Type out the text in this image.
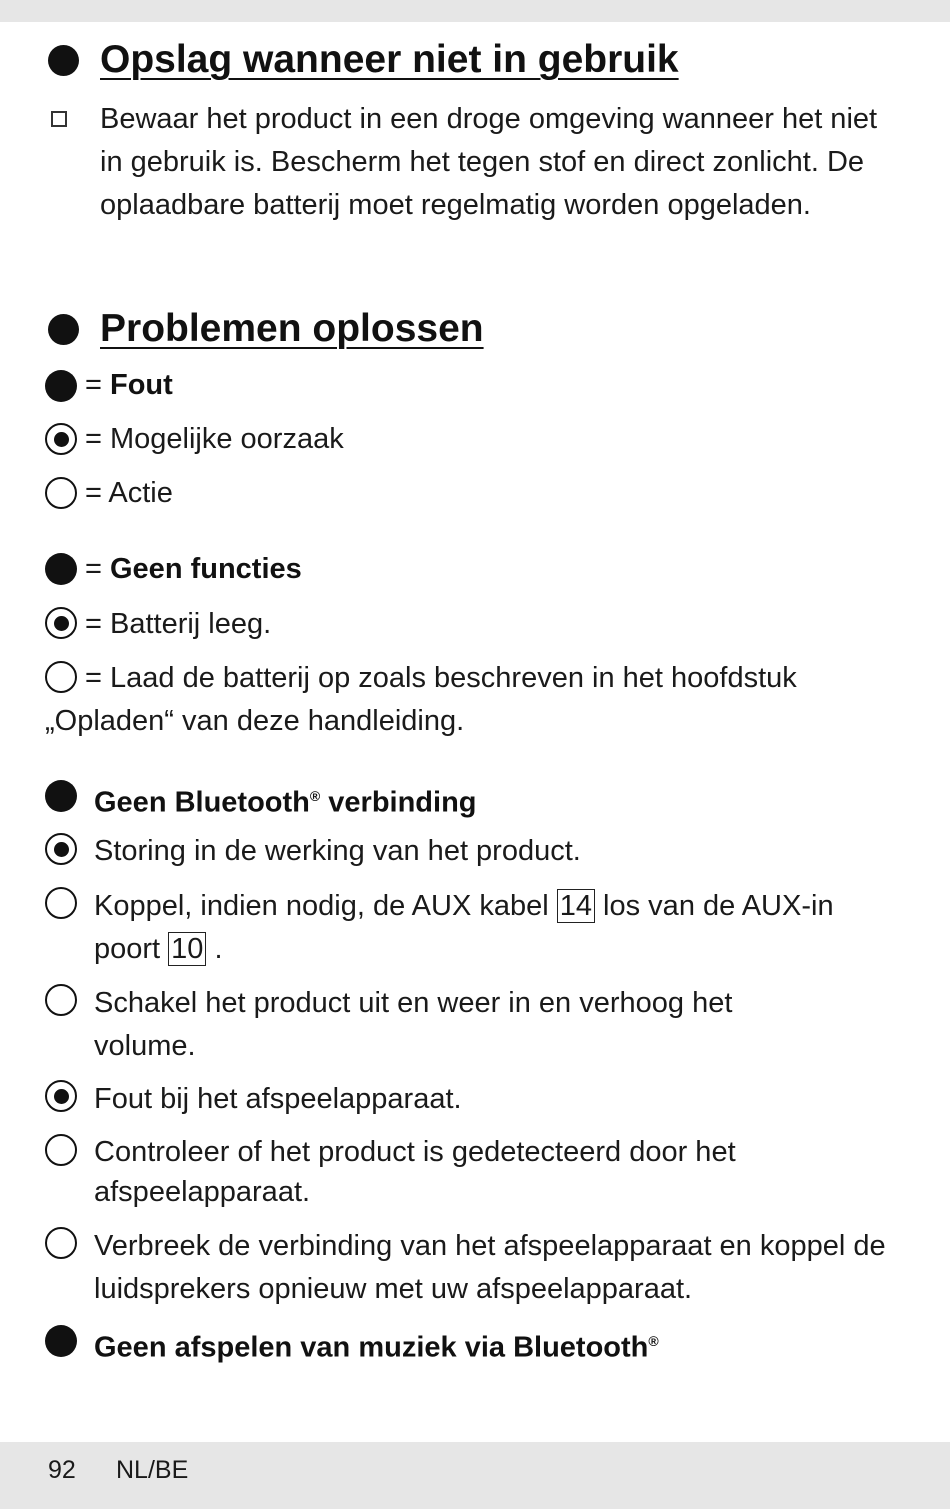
Opslag wanneer niet in gebruik
Bewaar het product in een droge omgeving wanneer het niet in gebruik is. Bescherm het tegen stof en direct zonlicht. De oplaadbare batterij moet regelmatig worden opgeladen.
Problemen oplossen
= Fout
= Mogelijke oorzaak
= Actie
= Geen functies
= Batterij leeg.
= Laad de batterij op zoals beschreven in het hoofdstuk „Opladen“ van deze handleiding.
Geen Bluetooth® verbinding
Storing in de werking van het product.
Koppel, indien nodig, de AUX kabel 14 los van de AUX-in poort 10 .
Schakel het product uit en weer in en verhoog het volume.
Fout bij het afspeelapparaat.
Controleer of het product is gedetecteerd door het afspeelapparaat.
Verbreek de verbinding van het afspeelapparaat en koppel de luidsprekers opnieuw met uw afspeelapparaat.
Geen afspelen van muziek via Bluetooth®
92 NL/BE
